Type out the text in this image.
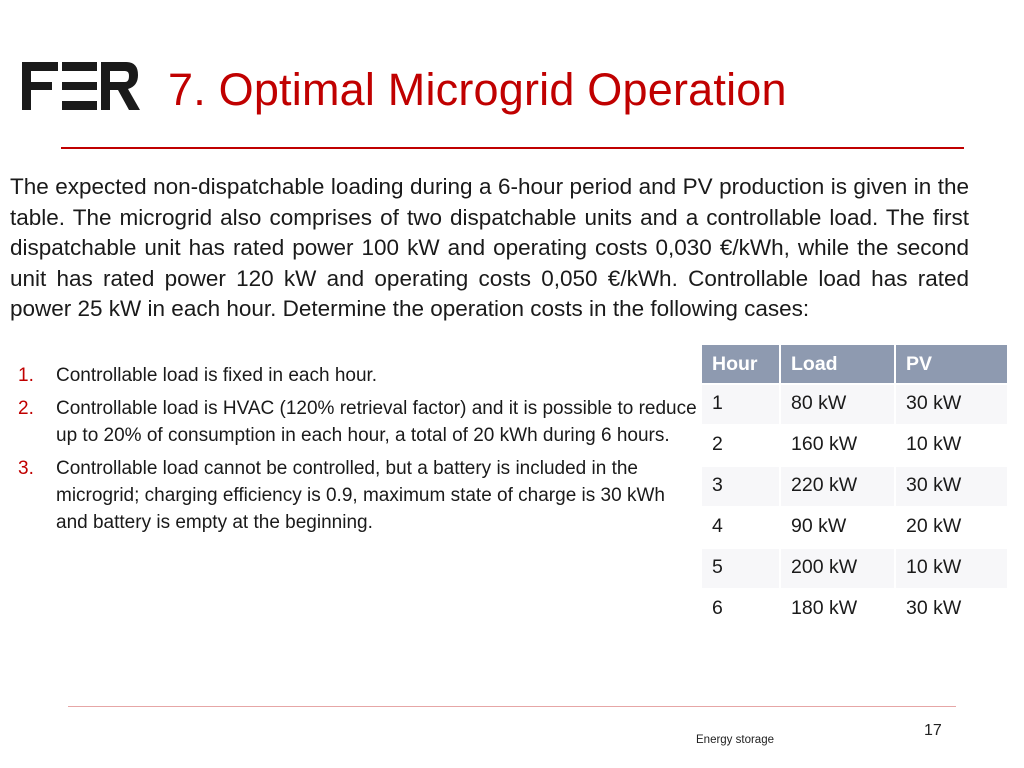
7. Optimal Microgrid Operation

The expected non-dispatchable loading during a 6-hour period and PV production is given in the table. The microgrid also comprises of two dispatchable units and a controllable load. The first dispatchable unit has rated power 100 kW and operating costs 0,030 €/kWh, while the second unit has rated power 120 kW and operating costs 0,050 €/kWh. Controllable load has rated power 25 kW in each hour. Determine the operation costs in the following cases:

1. Controllable load is fixed in each hour.
2. Controllable load is HVAC (120% retrieval factor) and it is possible to reduce up to 20% of consumption in each hour, a total of 20 kWh during 6 hours.
3. Controllable load cannot be controlled, but a battery is included in the microgrid; charging efficiency is 0.9, maximum state of charge is 30 kWh and battery is empty at the beginning.
Hour	Load	PV
1	80 kW	30 kW
2	160 kW	10 kW
3	220 kW	30 kW
4	90 kW	20 kW
5	200 kW	10 kW
6	180 kW	30 kW
Energy storage
17
